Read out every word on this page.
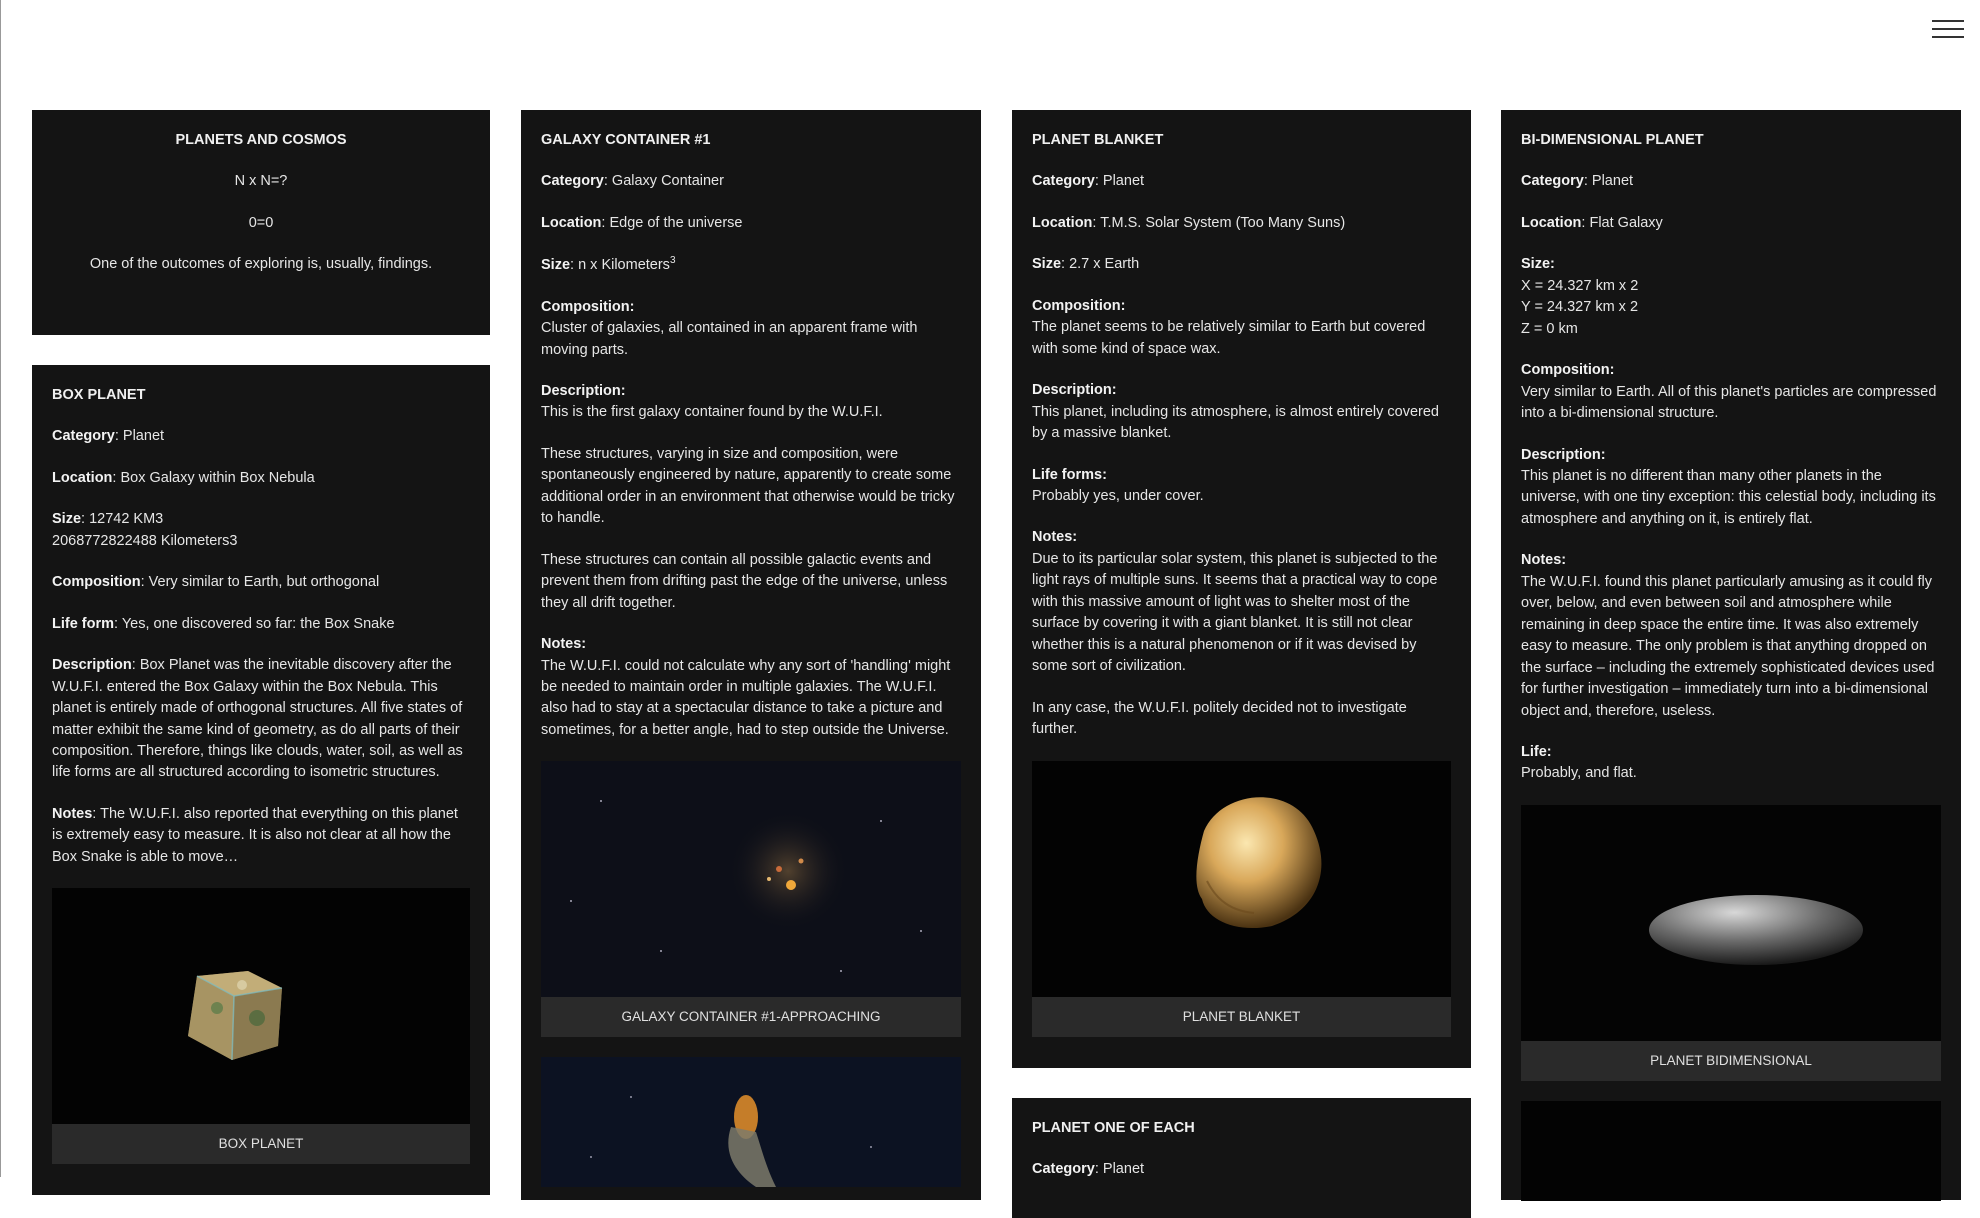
PLANETS AND COSMOS

N x N=?

0=0

One of the outcomes of exploring is, usually, findings.

BOX PLANET

Category: Planet

Location: Box Galaxy within Box Nebula

Size: 12742 KM3
2068772822488 Kilometers3

Composition: Very similar to Earth, but orthogonal

Life form: Yes, one discovered so far: the Box Snake

Description: Box Planet was the inevitable discovery after the W.U.F.I. entered the Box Galaxy within the Box Nebula. This planet is entirely made of orthogonal structures. All five states of matter exhibit the same kind of geometry, as do all parts of their composition. Therefore, things like clouds, water, soil, as well as life forms are all structured according to isometric structures.

Notes: The W.U.F.I. also reported that everything on this planet is extremely easy to measure. It is also not clear at all how the Box Snake is able to move…

BOX PLANET
GALAXY CONTAINER #1

Category: Galaxy Container

Location: Edge of the universe

Size: n x Kilometers$^3$

Composition:
Cluster of galaxies, all contained in an apparent frame with moving parts.

Description:
This is the first galaxy container found by the W.U.F.I.

These structures, varying in size and composition, were spontaneously engineered by nature, apparently to create some additional order in an environment that otherwise would be tricky to handle.

These structures can contain all possible galactic events and prevent them from drifting past the edge of the universe, unless they all drift together.

Notes:
The W.U.F.I. could not calculate why any sort of 'handling' might be needed to maintain order in multiple galaxies. The W.U.F.I. also had to stay at a spectacular distance to take a picture and sometimes, for a better angle, had to step outside the Universe.

GALAXY CONTAINER #1-APPROACHING
PLANET BLANKET

Category: Planet

Location: T.M.S. Solar System (Too Many Suns)

Size: 2.7 x Earth

Composition:
The planet seems to be relatively similar to Earth but covered with some kind of space wax.

Description:
This planet, including its atmosphere, is almost entirely covered by a massive blanket.

Life forms:
Probably yes, under cover.

Notes:
Due to its particular solar system, this planet is subjected to the light rays of multiple suns. It seems that a practical way to cope with this massive amount of light was to shelter most of the surface by covering it with a giant blanket. It is still not clear whether this is a natural phenomenon or if it was devised by some sort of civilization.

In any case, the W.U.F.I. politely decided not to investigate further.

PLANET BLANKET
PLANET ONE OF EACH

Category: Planet

BI-DIMENSIONAL PLANET

Category: Planet

Location: Flat Galaxy

Size:
X = 24.327 km x 2
Y = 24.327 km x 2
Z = 0 km

Composition:
Very similar to Earth. All of this planet's particles are compressed into a bi-dimensional structure.

Description:
This planet is no different than many other planets in the universe, with one tiny exception: this celestial body, including its atmosphere and anything on it, is entirely flat.

Notes:
The W.U.F.I. found this planet particularly amusing as it could fly over, below, and even between soil and atmosphere while remaining in deep space the entire time. It was also extremely easy to measure. The only problem is that anything dropped on the surface – including the extremely sophisticated devices used for further investigation – immediately turn into a bi-dimensional object and, therefore, useless.

Life:
Probably, and flat.

PLANET BIDIMENSIONAL
